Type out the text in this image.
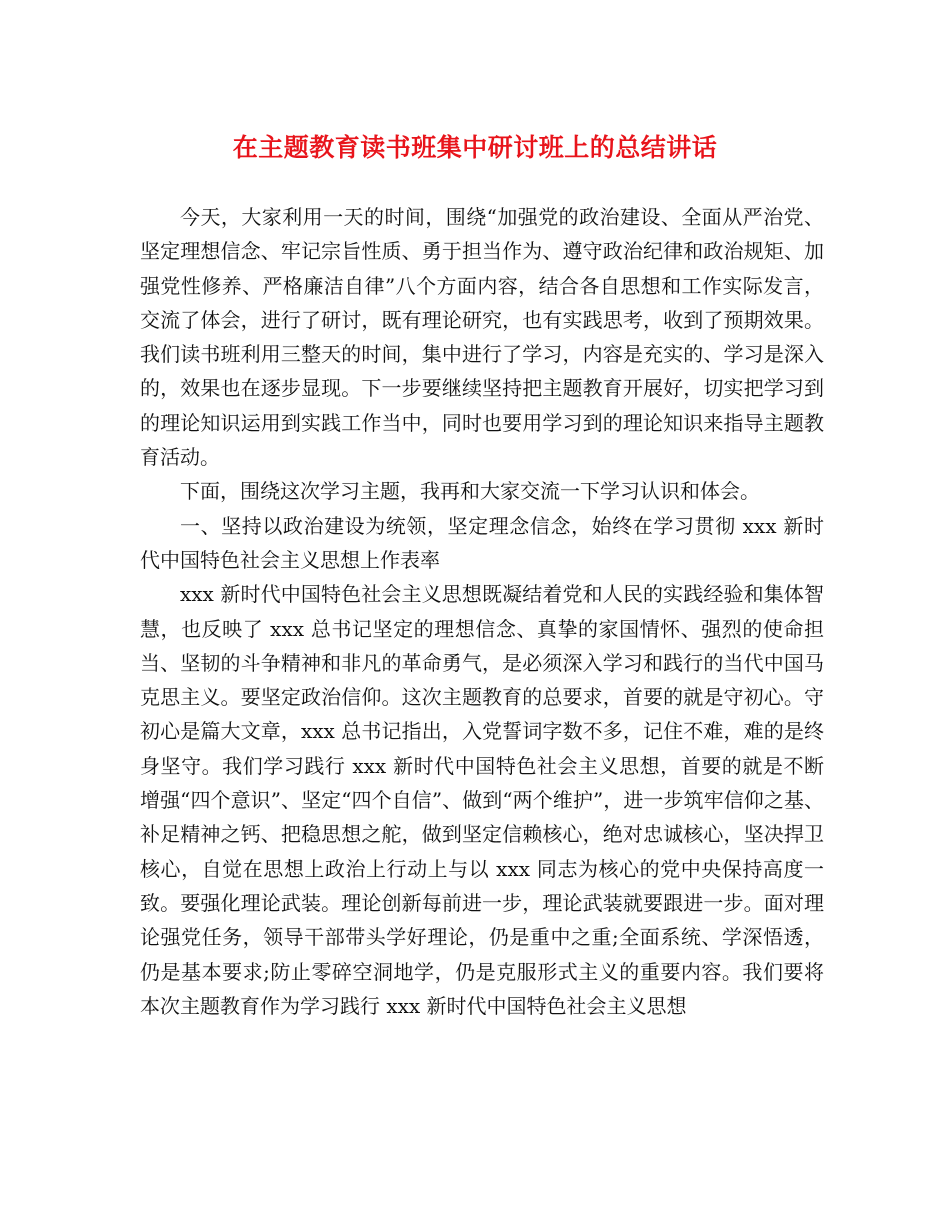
在主题教育读书班集中研讨班上的总结讲话

今天，大家利用一天的时间，围绕“加强党的政治建设、全面从严治党、坚定理想信念、牢记宗旨性质、勇于担当作为、遵守政治纪律和政治规矩、加强党性修养、严格廉洁自律”八个方面内容，结合各自思想和工作实际发言，交流了体会，进行了研讨，既有理论研究，也有实践思考，收到了预期效果。我们读书班利用三整天的时间，集中进行了学习，内容是充实的、学习是深入的，效果也在逐步显现。下一步要继续坚持把主题教育开展好，切实把学习到的理论知识运用到实践工作当中，同时也要用学习到的理论知识来指导主题教育活动。

下面，围绕这次学习主题，我再和大家交流一下学习认识和体会。

一、坚持以政治建设为统领，坚定理念信念，始终在学习贯彻 xxx 新时代中国特色社会主义思想上作表率

xxx 新时代中国特色社会主义思想既凝结着党和人民的实践经验和集体智慧，也反映了 xxx 总书记坚定的理想信念、真挚的家国情怀、强烈的使命担当、坚韧的斗争精神和非凡的革命勇气，是必须深入学习和践行的当代中国马克思主义。要坚定政治信仰。这次主题教育的总要求，首要的就是守初心。守初心是篇大文章，xxx 总书记指出，入党誓词字数不多，记住不难，难的是终身坚守。我们学习践行 xxx 新时代中国特色社会主义思想，首要的就是不断增强“四个意识”、坚定“四个自信”、做到“两个维护”，进一步筑牢信仰之基、补足精神之钙、把稳思想之舵，做到坚定信赖核心，绝对忠诚核心，坚决捍卫核心，自觉在思想上政治上行动上与以 xxx 同志为核心的党中央保持高度一致。要强化理论武装。理论创新每前进一步，理论武装就要跟进一步。面对理论强党任务，领导干部带头学好理论，仍是重中之重;全面系统、学深悟透，仍是基本要求;防止零碎空洞地学，仍是克服形式主义的重要内容。我们要将本次主题教育作为学习践行 xxx 新时代中国特色社会主义思想
